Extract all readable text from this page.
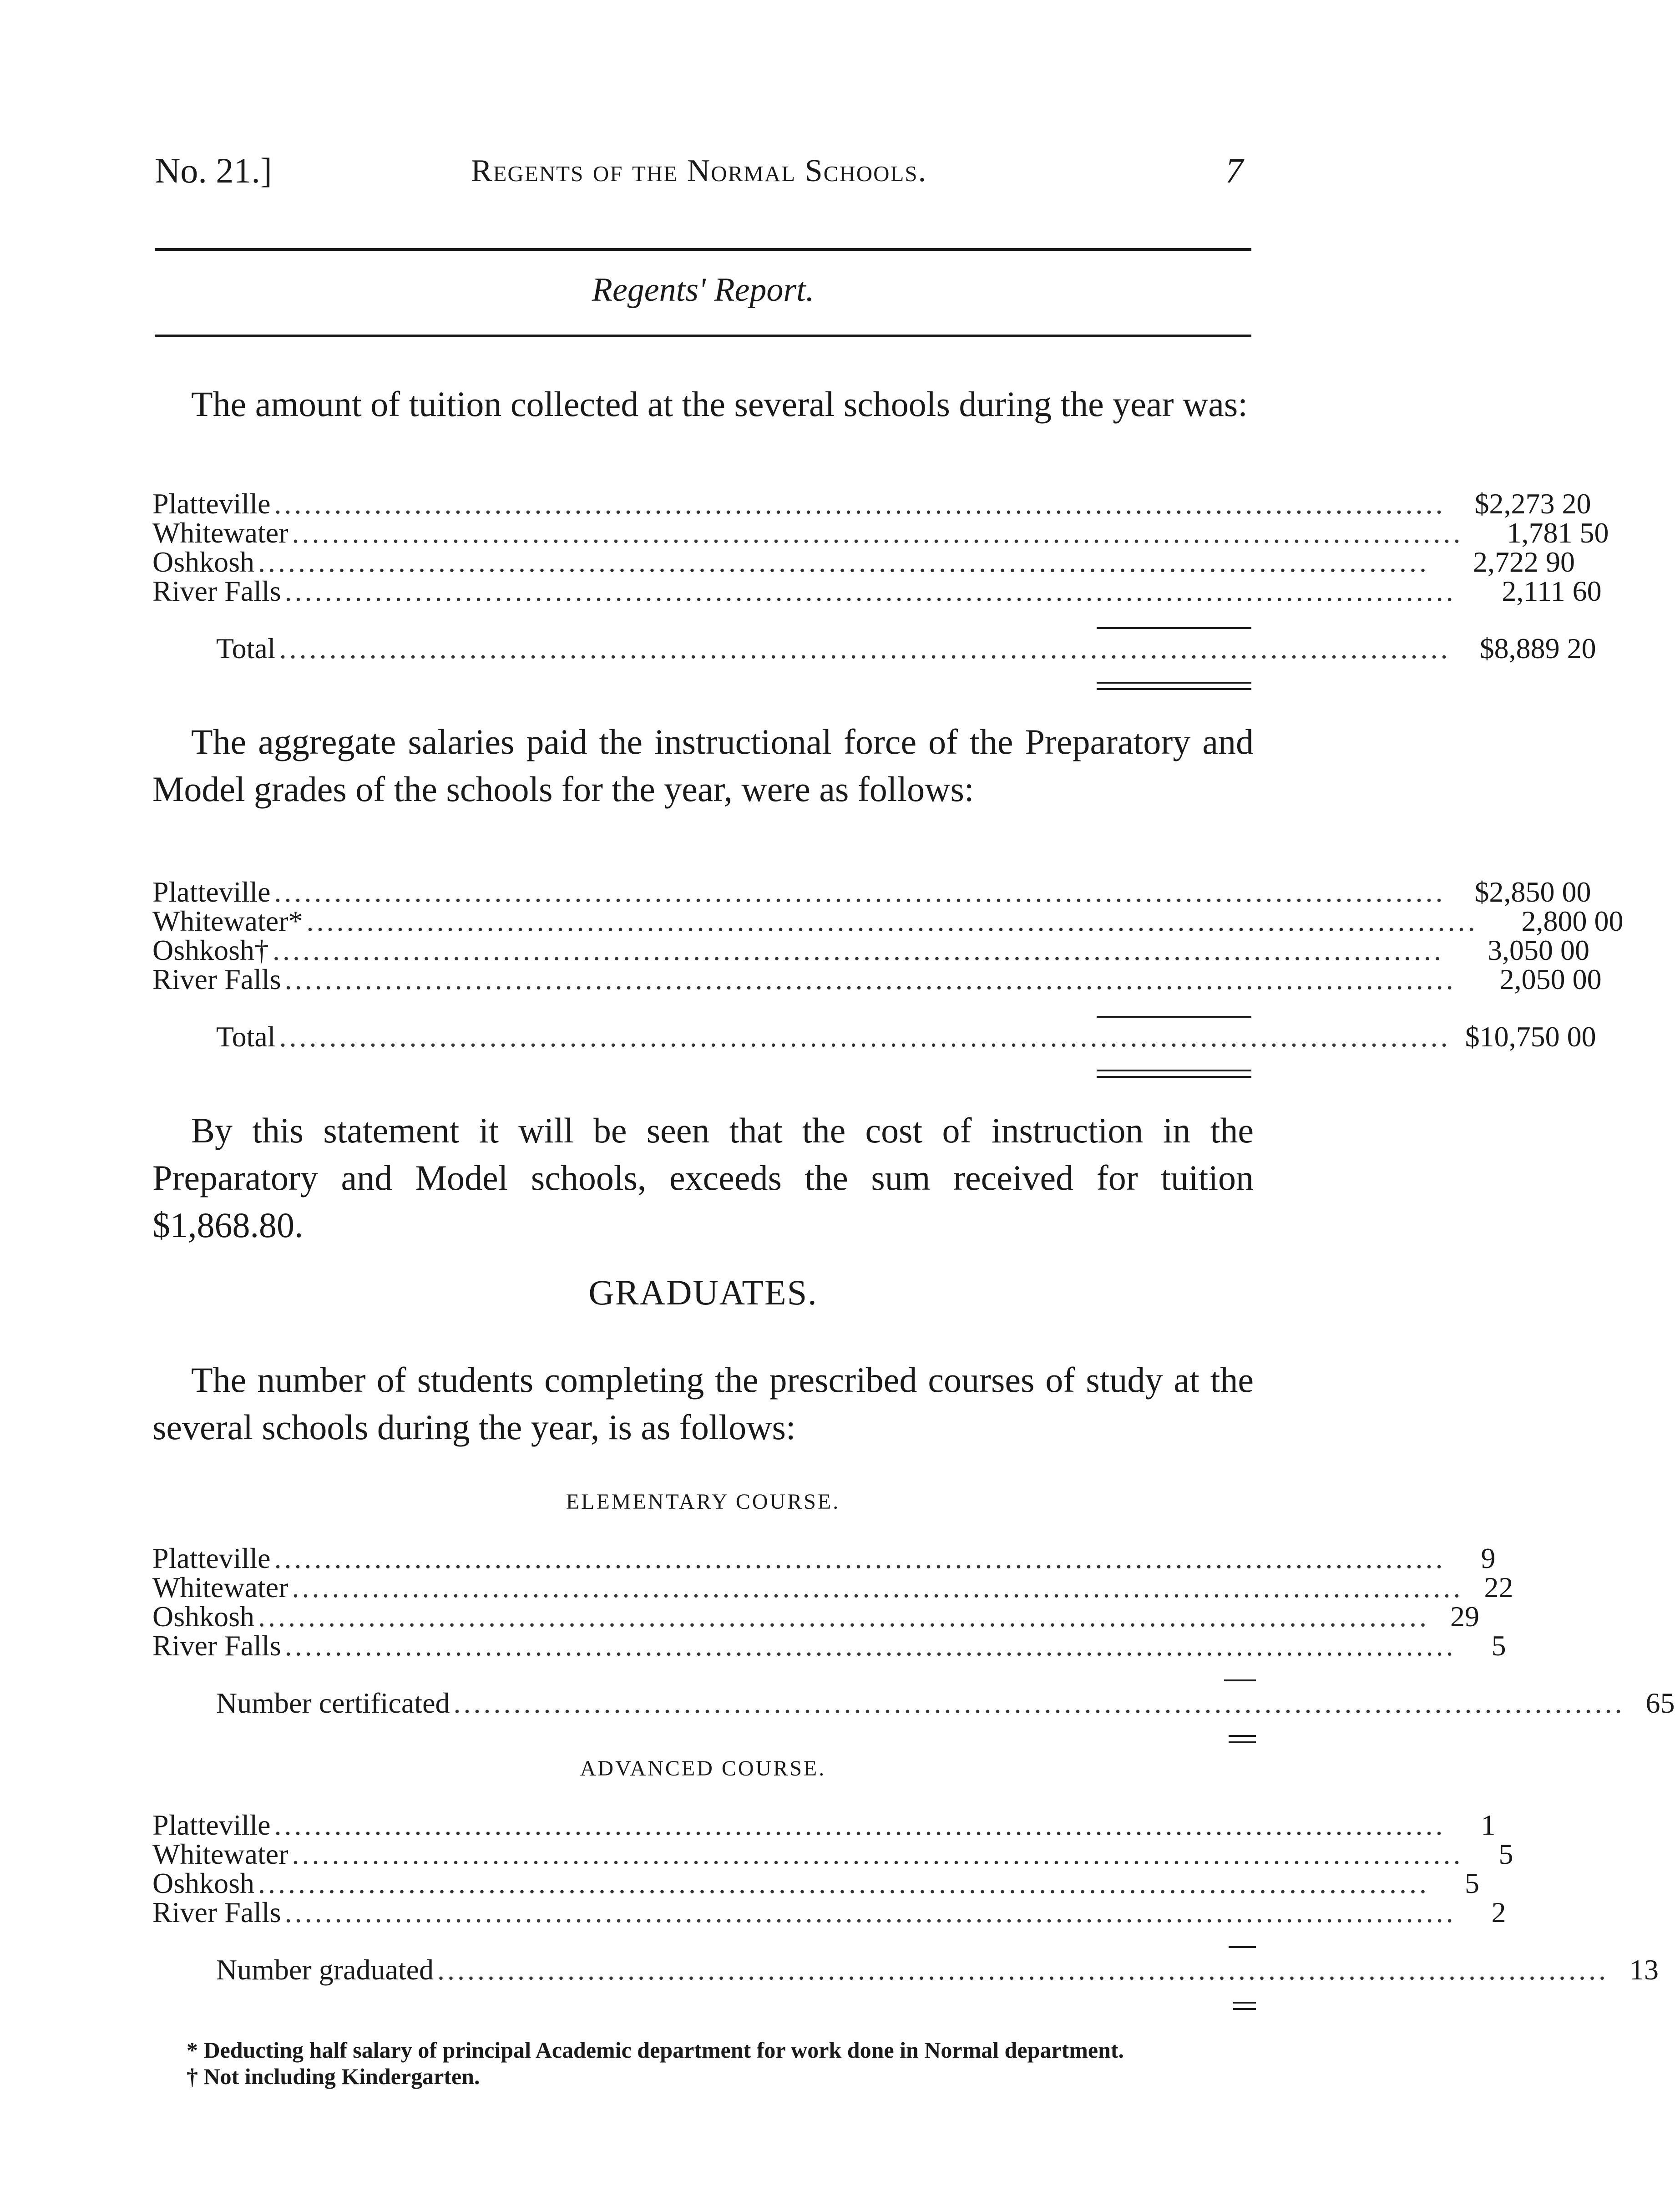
No. 21.]	Regents of the Normal Schools.	7
Regents' Report.
The amount of tuition collected at the several schools during the year was:
Platteville .....................................................................................................................	$2,273 20
Whitewater .....................................................................................................................	1,781 50
Oshkosh .....................................................................................................................	2,722 90
River Falls .....................................................................................................................	2,111 60
Total .....................................................................................................................	$8,889 20
The aggregate salaries paid the instructional force of the Preparatory and Model grades of the schools for the year, were as follows:
Platteville .....................................................................................................................	$2,850 00
Whitewater* .....................................................................................................................	2,800 00
Oshkosh† .....................................................................................................................	3,050 00
River Falls .....................................................................................................................	2,050 00
Total ..................................................................................................................... $10,750 00
By this statement it will be seen that the cost of instruction in the Preparatory and Model schools, exceeds the sum received for tuition $1,868.80.
GRADUATES.
The number of students completing the prescribed courses of study at the several schools during the year, is as follows:
ELEMENTARY COURSE.
Platteville .....................................................................................................................	9
Whitewater ..................................................................................................................... 22
Oshkosh ..................................................................................................................... 29
River Falls .....................................................................................................................	5
Number certificated ..................................................................................................................... 65
ADVANCED COURSE.
Platteville .....................................................................................................................	1
Whitewater .....................................................................................................................	5
Oshkosh .....................................................................................................................	5
River Falls .....................................................................................................................	2
Number graduated ..................................................................................................................... 13
* Deducting half salary of principal Academic department for work done in Normal department.
† Not including Kindergarten.
